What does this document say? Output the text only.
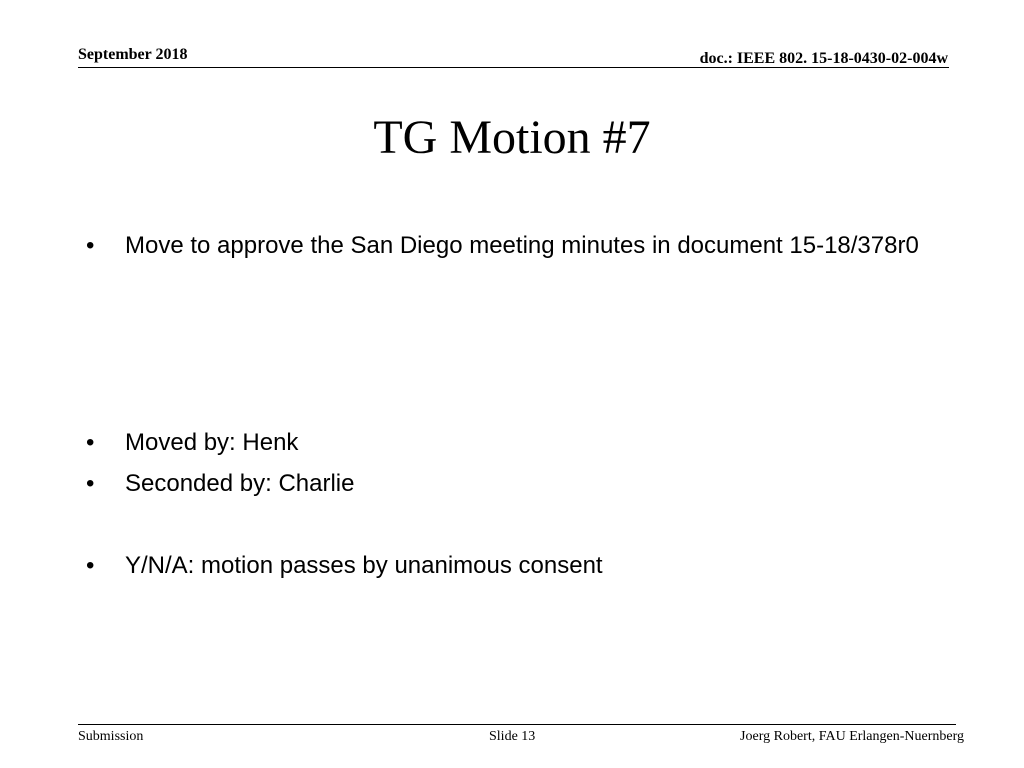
September 2018	doc.: IEEE 802. 15-18-0430-02-004w
TG Motion #7
• Move to approve the San Diego meeting minutes in document 15-18/378r0
• Moved by: Henk
• Seconded by: Charlie
• Y/N/A: motion passes by unanimous consent
Submission	Slide 13	Joerg Robert, FAU Erlangen-Nuernberg
